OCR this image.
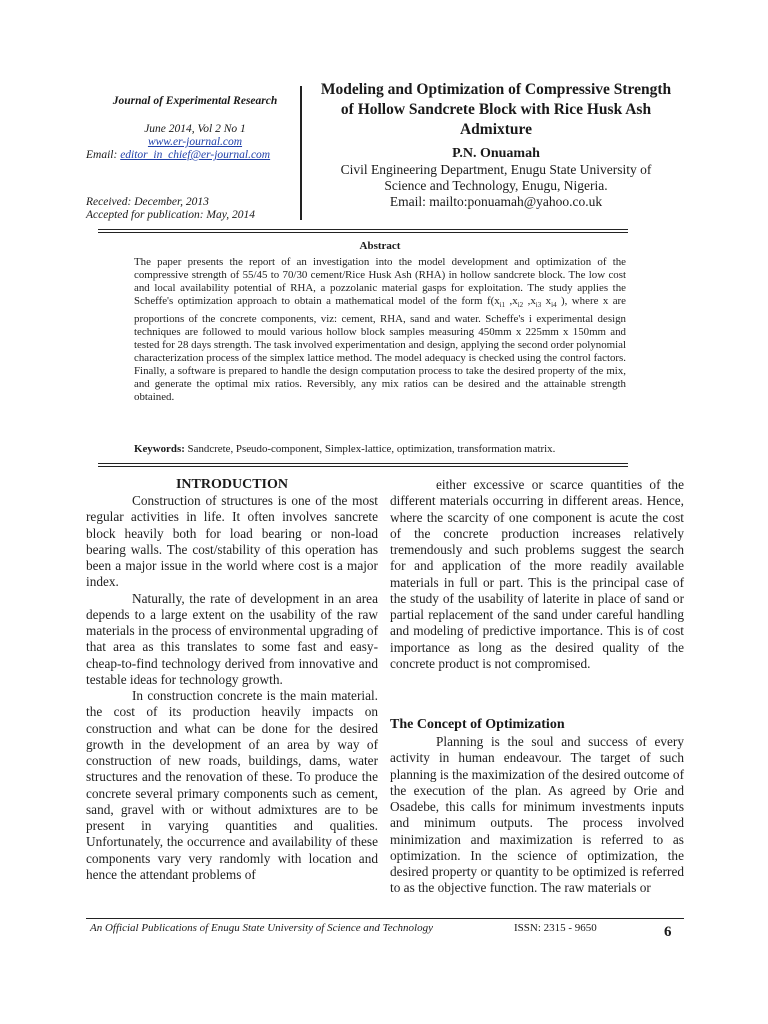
Journal of Experimental Research
June 2014, Vol 2 No 1
www.er-journal.com
Email: editor_in_chief@er-journal.com
Received: December, 2013
Accepted for publication: May, 2014
Modeling and Optimization of Compressive Strength of Hollow Sandcrete Block with Rice Husk Ash Admixture
P.N. Onuamah
Civil Engineering Department, Enugu State University of Science and Technology, Enugu, Nigeria.
Email: mailto:ponuamah@yahoo.co.uk
Abstract

The paper presents the report of an investigation into the model development and optimization of the compressive strength of 55/45 to 70/30 cement/Rice Husk Ash (RHA) in hollow sandcrete block. The low cost and local availability potential of RHA, a pozzolanic material gasps for exploitation. The study applies the Scheffe's optimization approach to obtain a mathematical model of the form $f(x_{i1}$ $,x_{i2}$ $,x_{i3}$ $x_{i4}$ ), where x are proportions of the concrete components, viz: cement, RHA, sand and water. Scheffe's i experimental design techniques are followed to mould various hollow block samples measuring 450mm x 225mm x 150mm and tested for 28 days strength. The task involved experimentation and design, applying the second order polynomial characterization process of the simplex lattice method. The model adequacy is checked using the control factors. Finally, a software is prepared to handle the design computation process to take the desired property of the mix, and generate the optimal mix ratios. Reversibly, any mix ratios can be desired and the attainable strength obtained.

Keywords: Sandcrete, Pseudo-component, Simplex-lattice, optimization, transformation matrix.
INTRODUCTION

Construction of structures is one of the most regular activities in life. It often involves sancrete block heavily both for load bearing or non-load bearing walls. The cost/stability of this operation has been a major issue in the world where cost is a major index.

Naturally, the rate of development in an area depends to a large extent on the usability of the raw materials in the process of environmental upgrading of that area as this translates to some fast and easy-cheap-to-find technology derived from innovative and testable ideas for technology growth.

In construction concrete is the main material. the cost of its production heavily impacts on construction and what can be done for the desired growth in the development of an area by way of construction of new roads, buildings, dams, water structures and the renovation of these. To produce the concrete several primary components such as cement, sand, gravel with or without admixtures are to be present in varying quantities and qualities. Unfortunately, the occurrence and availability of these components vary very randomly with location and hence the attendant problems of

either excessive or scarce quantities of the different materials occurring in different areas. Hence, where the scarcity of one component is acute the cost of the concrete production increases relatively tremendously and such problems suggest the search for and application of the more readily available materials in full or part. This is the principal case of the study of the usability of laterite in place of sand or partial replacement of the sand under careful handling and modeling of predictive importance. This is of cost importance as long as the desired quality of the concrete product is not compromised.

The Concept of Optimization

Planning is the soul and success of every activity in human endeavour. The target of such planning is the maximization of the desired outcome of the execution of the plan. As agreed by Orie and Osadebe, this calls for minimum investments inputs and minimum outputs. The process involved minimization and maximization is referred to as optimization. In the science of optimization, the desired property or quantity to be optimized is referred to as the objective function. The raw materials or

An Official Publications of Enugu State University of Science and Technology	ISSN: 2315 - 9650	6
